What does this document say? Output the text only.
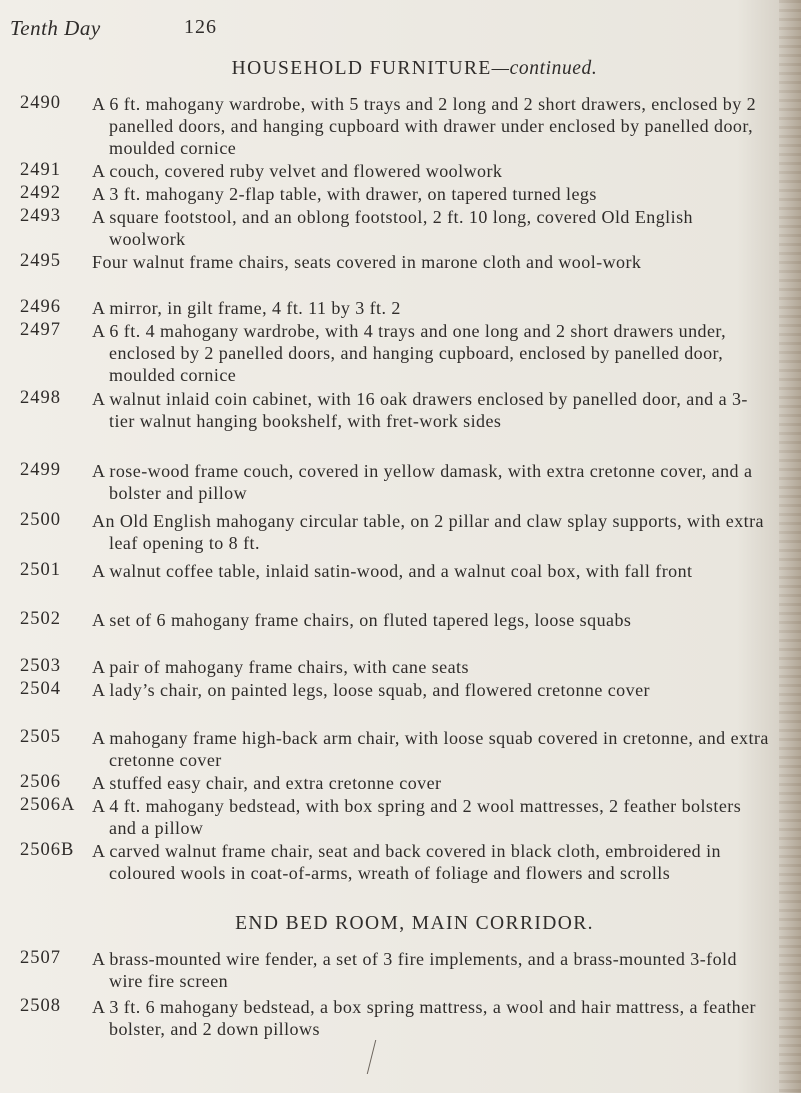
Tenth Day	126
HOUSEHOLD FURNITURE—continued.
2490	A 6 ft. mahogany wardrobe, with 5 trays and 2 long and 2 short drawers, enclosed by 2 panelled doors, and hanging cupboard with drawer under enclosed by panelled door, moulded cornice
2491	A couch, covered ruby velvet and flowered woolwork
2492	A 3 ft. mahogany 2-flap table, with drawer, on tapered turned legs
2493	A square footstool, and an oblong footstool, 2 ft. 10 long, covered Old English woolwork
2495	Four walnut frame chairs, seats covered in marone cloth and wool-work
2496	A mirror, in gilt frame, 4 ft. 11 by 3 ft. 2
2497	A 6 ft. 4 mahogany wardrobe, with 4 trays and one long and 2 short drawers under, enclosed by 2 panelled doors, and hanging cupboard, enclosed by panelled door, moulded cornice
2498	A walnut inlaid coin cabinet, with 16 oak drawers enclosed by panelled door, and a 3-tier walnut hanging bookshelf, with fret-work sides
2499	A rose-wood frame couch, covered in yellow damask, with extra cretonne cover, and a bolster and pillow
2500	An Old English mahogany circular table, on 2 pillar and claw splay supports, with extra leaf opening to 8 ft.
2501	A walnut coffee table, inlaid satin-wood, and a walnut coal box, with fall front
2502	A set of 6 mahogany frame chairs, on fluted tapered legs, loose squabs
2503	A pair of mahogany frame chairs, with cane seats
2504	A lady’s chair, on painted legs, loose squab, and flowered cretonne cover
2505	A mahogany frame high-back arm chair, with loose squab covered in cretonne, and extra cretonne cover
2506	A stuffed easy chair, and extra cretonne cover
2506A A 4 ft. mahogany bedstead, with box spring and 2 wool mattresses, 2 feather bolsters and a pillow
2506B A carved walnut frame chair, seat and back covered in black cloth, embroidered in coloured wools in coat-of-arms, wreath of foliage and flowers and scrolls
2507	A brass-mounted wire fender, a set of 3 fire implements, and a brass-mounted 3-fold wire fire screen
2508	A 3 ft. 6 mahogany bedstead, a box spring mattress, a wool and hair mattress, a feather bolster, and 2 down pillows
END BED ROOM, MAIN CORRIDOR.
